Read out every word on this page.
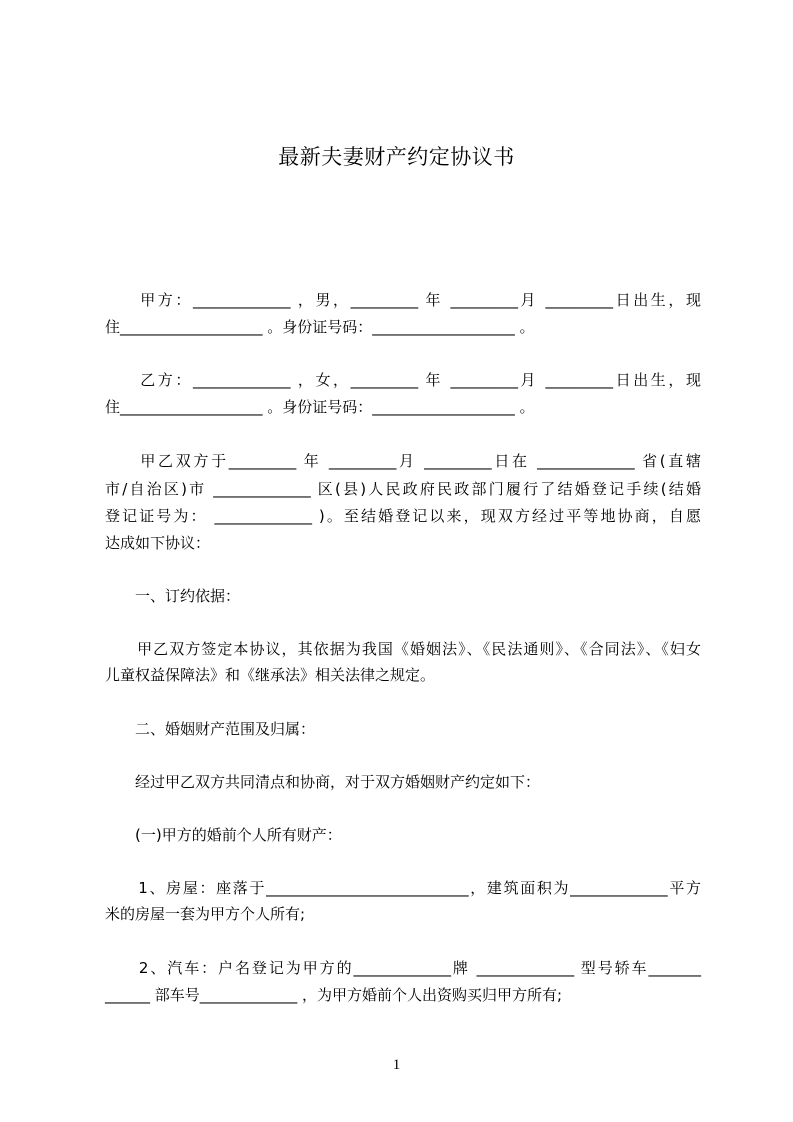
最新夫妻财产约定协议书
　　甲方：_____________ ，男，_________ 年 _________月 _________日出生，现
住___________________ 。身份证号码：___________________ 。
　　乙方：_____________ ，女，_________ 年 _________月 _________日出生，现
住___________________ 。身份证号码：___________________ 。
　　甲乙双方于_________ 年 _________月 _________日在 _____________ 省(直辖
市/自治区)市 _____________ 区(县)人民政府民政部门履行了结婚登记手续(结婚
登记证号为： _____________ )。至结婚登记以来，现双方经过平等地协商，自愿
达成如下协议：
　　一、订约依据：
　　甲乙双方签定本协议，其依据为我国《婚姻法》、《民法通则》、《合同法》、《妇女
儿童权益保障法》和《继承法》相关法律之规定。
　　二、婚姻财产范围及归属：
　　经过甲乙双方共同清点和协商，对于双方婚姻财产约定如下：
　　(一)甲方的婚前个人所有财产：
　　1、房屋：座落于___________________________，建筑面积为_____________平方
米的房屋一套为甲方个人所有;
　　2、汽车：户名登记为甲方的_____________牌 _____________ 型号轿车_______
______ 部车号_____________ ，为甲方婚前个人出资购买归甲方所有;
1
